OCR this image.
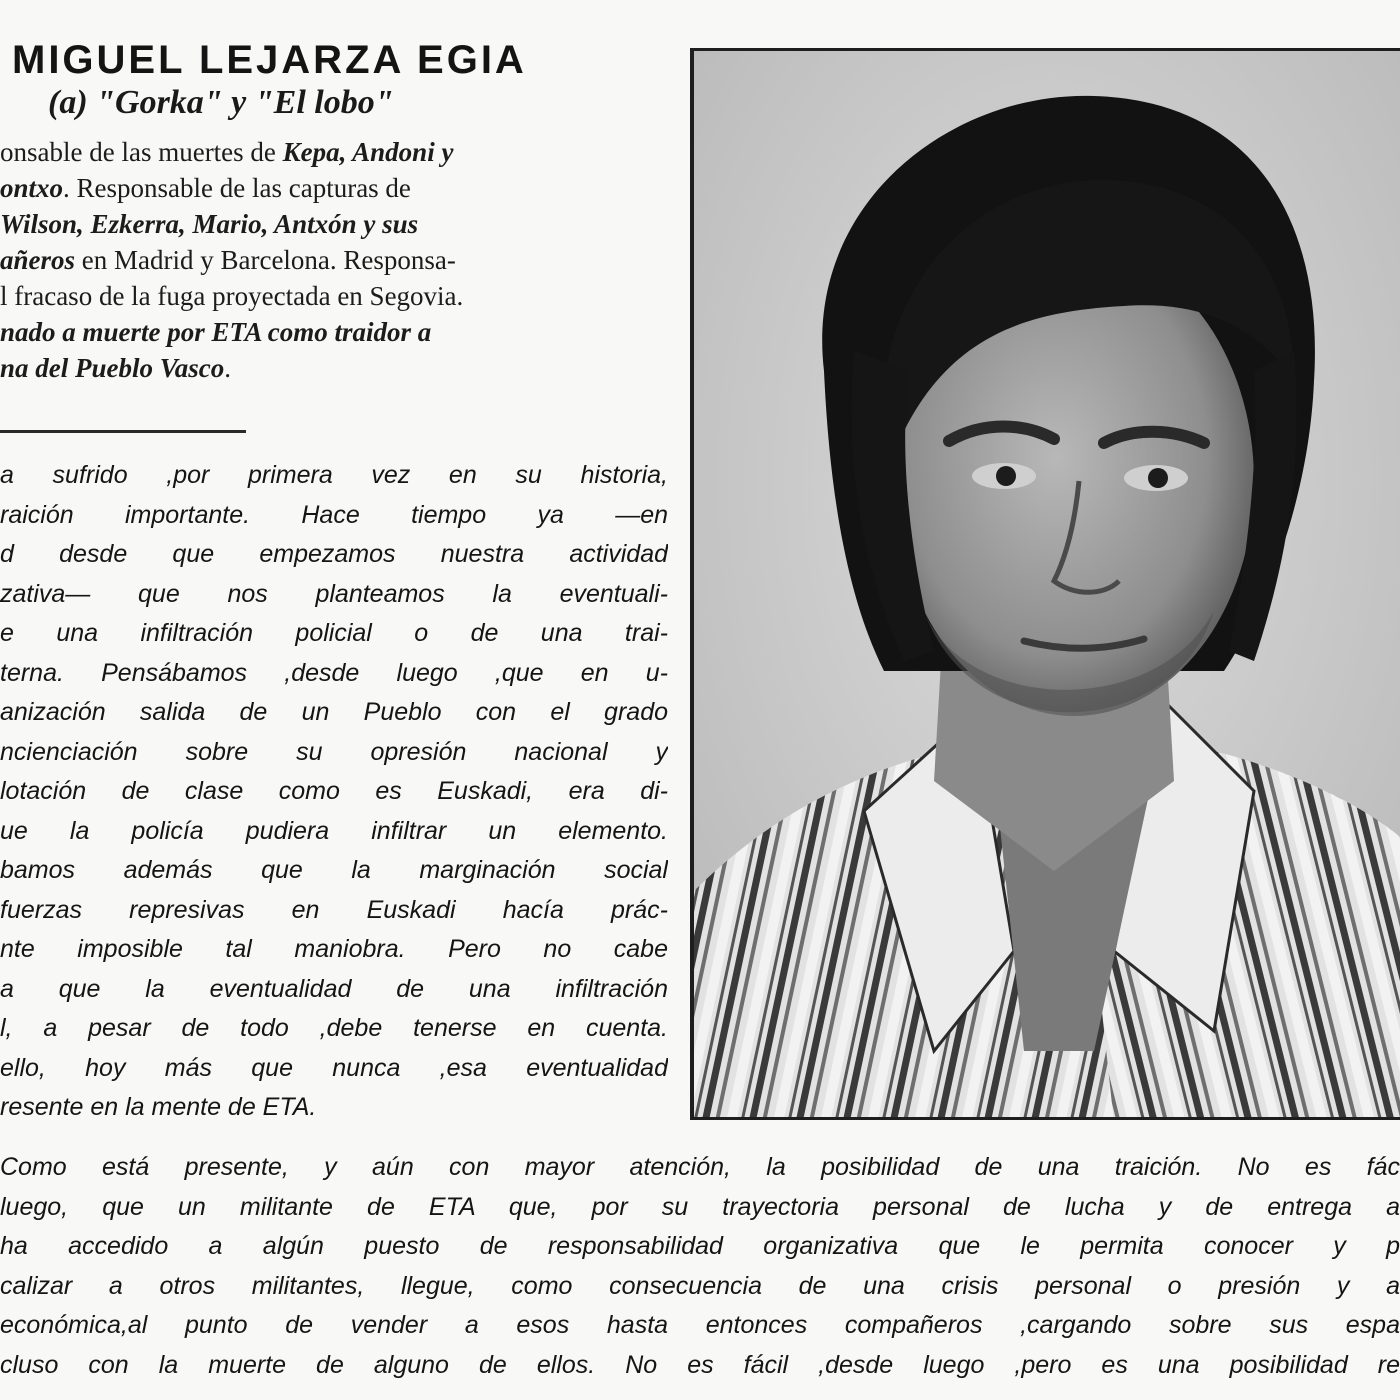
MIGUEL LEJARZA EGIA
(a) "Gorka" y "El lobo"
onsable de las muertes de Kepa, Andoni y
ontxo. Responsable de las capturas de
Wilson, Ezkerra, Mario, Antxón y sus
añeros en Madrid y Barcelona. Responsa-
l fracaso de la fuga proyectada en Segovia.
nado a muerte por ETA como traidor a
na del Pueblo Vasco.
a sufrido ,por primera vez en su historia,
raición importante. Hace tiempo ya —en
d desde que empezamos nuestra actividad
zativa— que nos planteamos la eventuali-
e una infiltración policial o de una trai-
terna. Pensábamos ,desde luego ,que en u-
anización salida de un Pueblo con el grado
ncienciación sobre su opresión nacional y
lotación de clase como es Euskadi, era di-
ue la policía pudiera infiltrar un elemento.
bamos además que la marginación social
fuerzas represivas en Euskadi hacía prác-
nte imposible tal maniobra. Pero no cabe
a que la eventualidad de una infiltración
l, a pesar de todo ,debe tenerse en cuenta.
ello, hoy más que nunca ,esa eventualidad
resente en la mente de ETA.
Como está presente, y aún con mayor atención, la posibilidad de una traición. No es fác
luego, que un militante de ETA que, por su trayectoria personal de lucha y de entrega a
ha accedido a algún puesto de responsabilidad organizativa que le permita conocer y p
calizar a otros militantes, llegue, como consecuencia de una crisis personal o presión y a
económica,al punto de vender a esos hasta entonces compañeros ,cargando sobre sus espa
cluso con la muerte de alguno de ellos. No es fácil ,desde luego ,pero es una posibilidad re
